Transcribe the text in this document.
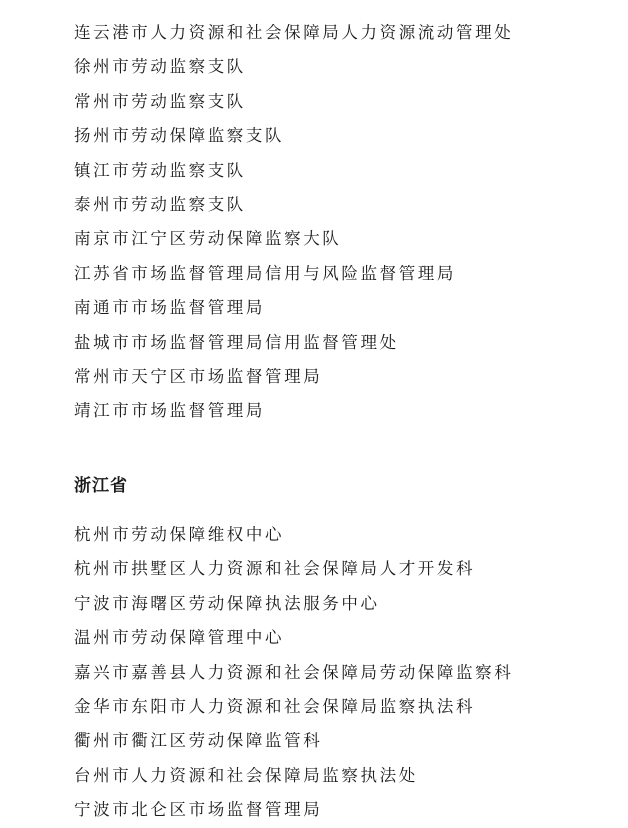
连云港市人力资源和社会保障局人力资源流动管理处
徐州市劳动监察支队
常州市劳动监察支队
扬州市劳动保障监察支队
镇江市劳动监察支队
泰州市劳动监察支队
南京市江宁区劳动保障监察大队
江苏省市场监督管理局信用与风险监督管理局
南通市市场监督管理局
盐城市市场监督管理局信用监督管理处
常州市天宁区市场监督管理局
靖江市市场监督管理局
浙江省
杭州市劳动保障维权中心
杭州市拱墅区人力资源和社会保障局人才开发科
宁波市海曙区劳动保障执法服务中心
温州市劳动保障管理中心
嘉兴市嘉善县人力资源和社会保障局劳动保障监察科
金华市东阳市人力资源和社会保障局监察执法科
衢州市衢江区劳动保障监管科
台州市人力资源和社会保障局监察执法处
宁波市北仑区市场监督管理局
